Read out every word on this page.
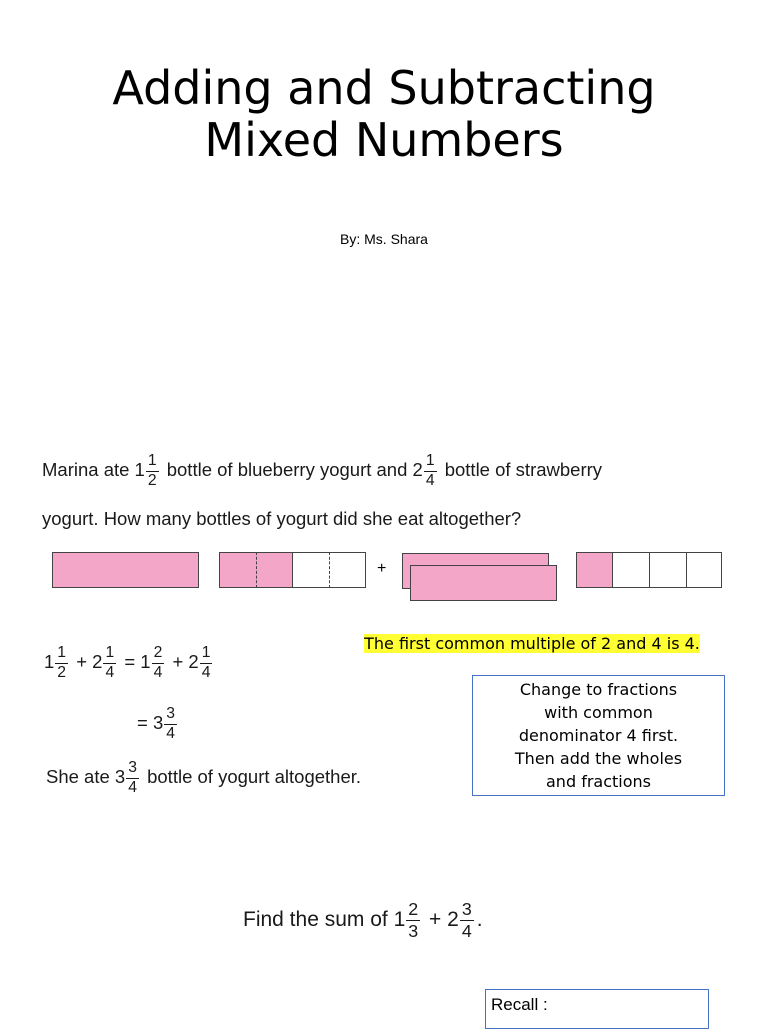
Adding and Subtracting Mixed Numbers
By: Ms. Shara
Marina ate $1 \frac{1}{2}$ bottle of blueberry yogurt and $2 \frac{1}{4}$ bottle of strawberry
yogurt. How many bottles of yogurt did she eat altogether?
+
$1 \frac{1}{2} + 2 \frac{1}{4} = 1 \frac{2}{4} + 2 \frac{1}{4}$
= $3 \frac{3}{4}$
She ate $3 \frac{3}{4}$ bottle of yogurt altogether.
The first common multiple of 2 and 4 is 4.
Change to fractions
with common
denominator 4 first.
Then add the wholes
and fractions
Find the sum of $1 \frac{2}{3} + 2 \frac{3}{4}$ .
Recall :
